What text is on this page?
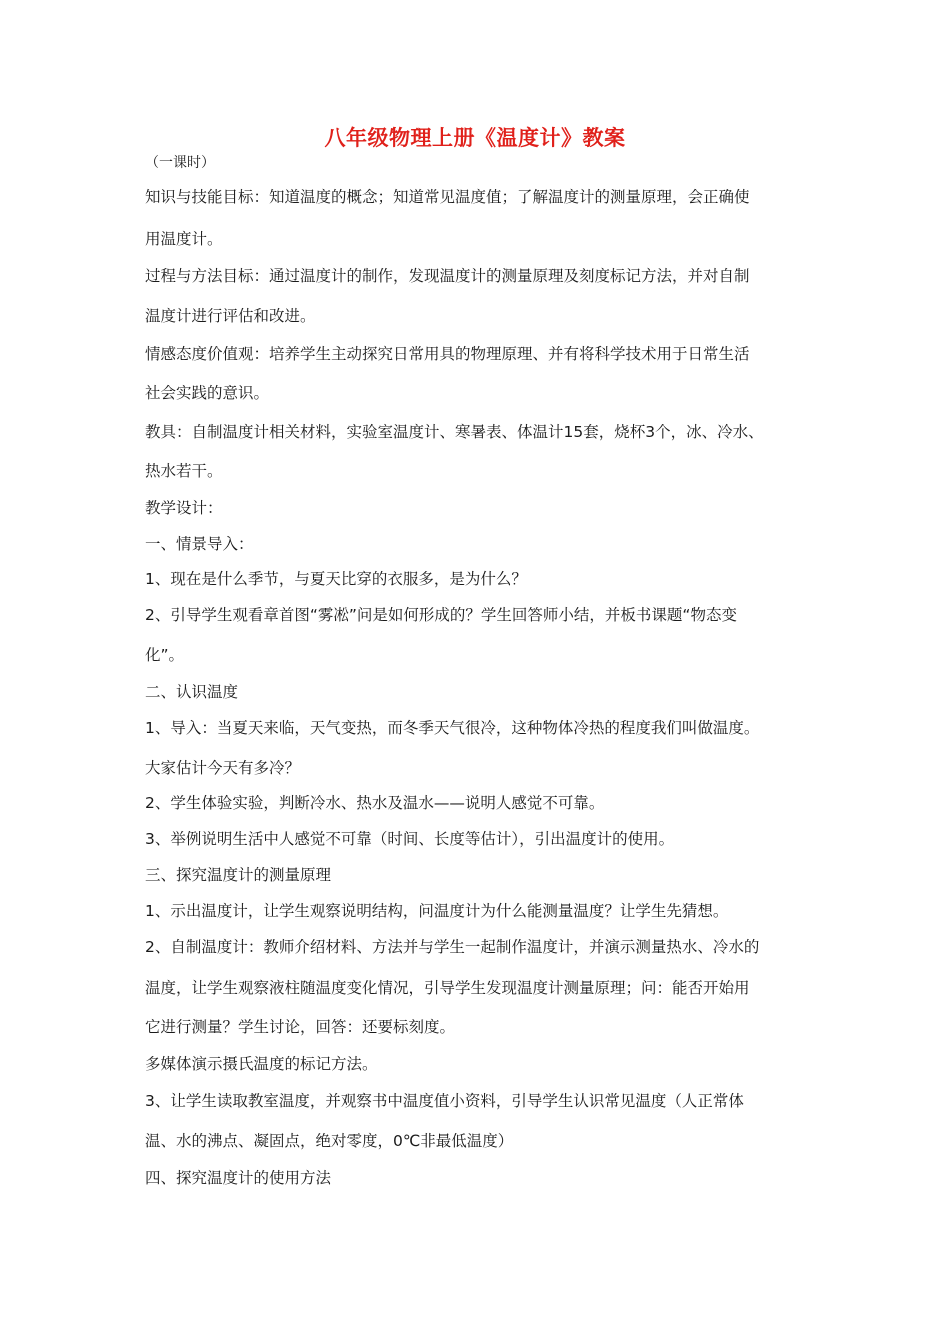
八年级物理上册《温度计》教案
（一课时）
知识与技能目标：知道温度的概念；知道常见温度值；了解温度计的测量原理，会正确使
用温度计。
过程与方法目标：通过温度计的制作，发现温度计的测量原理及刻度标记方法，并对自制
温度计进行评估和改进。
情感态度价值观：培养学生主动探究日常用具的物理原理、并有将科学技术用于日常生活
社会实践的意识。
教具：自制温度计相关材料，实验室温度计、寒暑表、体温计15套，烧杯3个，冰、冷水、
热水若干。
教学设计：
一、情景导入：
1、现在是什么季节，与夏天比穿的衣服多，是为什么？
2、引导学生观看章首图“雾凇”问是如何形成的？学生回答师小结，并板书课题“物态变
化”。
二、认识温度
1、导入：当夏天来临，天气变热，而冬季天气很冷，这种物体冷热的程度我们叫做温度。
大家估计今天有多冷？
2、学生体验实验，判断冷水、热水及温水——说明人感觉不可靠。
3、举例说明生活中人感觉不可靠（时间、长度等估计），引出温度计的使用。
三、探究温度计的测量原理
1、示出温度计，让学生观察说明结构，问温度计为什么能测量温度？让学生先猜想。
2、自制温度计：教师介绍材料、方法并与学生一起制作温度计，并演示测量热水、冷水的
温度，让学生观察液柱随温度变化情况，引导学生发现温度计测量原理；问：能否开始用
它进行测量？学生讨论，回答：还要标刻度。
多媒体演示摄氏温度的标记方法。
3、让学生读取教室温度，并观察书中温度值小资料，引导学生认识常见温度（人正常体
温、水的沸点、凝固点，绝对零度，0℃非最低温度）
四、探究温度计的使用方法
